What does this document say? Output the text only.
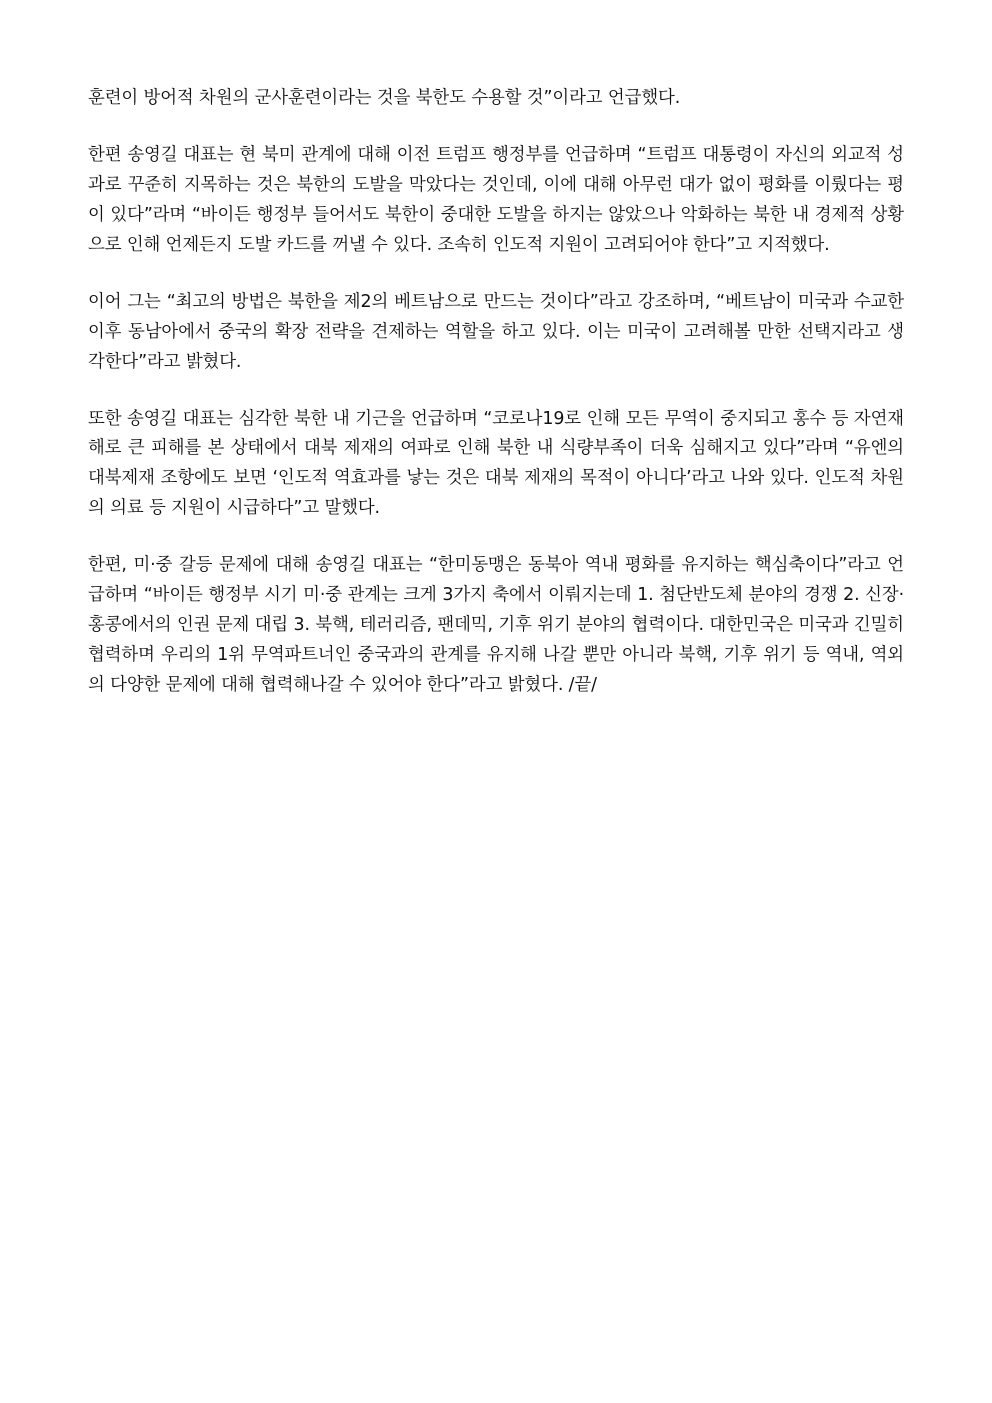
훈련이 방어적 차원의 군사훈련이라는 것을 북한도 수용할 것”이라고 언급했다.

한편 송영길 대표는 현 북미 관계에 대해 이전 트럼프 행정부를 언급하며 “트럼프 대통령이 자신의 외교적 성과로 꾸준히 지목하는 것은 북한의 도발을 막았다는 것인데, 이에 대해 아무런 대가 없이 평화를 이뤘다는 평이 있다”라며 “바이든 행정부 들어서도 북한이 중대한 도발을 하지는 않았으나 악화하는 북한 내 경제적 상황으로 인해 언제든지 도발 카드를 꺼낼 수 있다. 조속히 인도적 지원이 고려되어야 한다”고 지적했다.

이어 그는 “최고의 방법은 북한을 제2의 베트남으로 만드는 것이다”라고 강조하며, “베트남이 미국과 수교한 이후 동남아에서 중국의 확장 전략을 견제하는 역할을 하고 있다. 이는 미국이 고려해볼 만한 선택지라고 생각한다”라고 밝혔다.

또한 송영길 대표는 심각한 북한 내 기근을 언급하며 “코로나19로 인해 모든 무역이 중지되고 홍수 등 자연재해로 큰 피해를 본 상태에서 대북 제재의 여파로 인해 북한 내 식량부족이 더욱 심해지고 있다”라며 “유엔의 대북제재 조항에도 보면 ‘인도적 역효과를 낳는 것은 대북 제재의 목적이 아니다’라고 나와 있다. 인도적 차원의 의료 등 지원이 시급하다”고 말했다.

한편, 미·중 갈등 문제에 대해 송영길 대표는 “한미동맹은 동북아 역내 평화를 유지하는 핵심축이다”라고 언급하며 “바이든 행정부 시기 미·중 관계는 크게 3가지 축에서 이뤄지는데 1. 첨단반도체 분야의 경쟁 2. 신장·홍콩에서의 인권 문제 대립 3. 북핵, 테러리즘, 팬데믹, 기후 위기 분야의 협력이다. 대한민국은 미국과 긴밀히 협력하며 우리의 1위 무역파트너인 중국과의 관계를 유지해 나갈 뿐만 아니라 북핵, 기후 위기 등 역내, 역외의 다양한 문제에 대해 협력해나갈 수 있어야 한다”라고 밝혔다. /끝/
